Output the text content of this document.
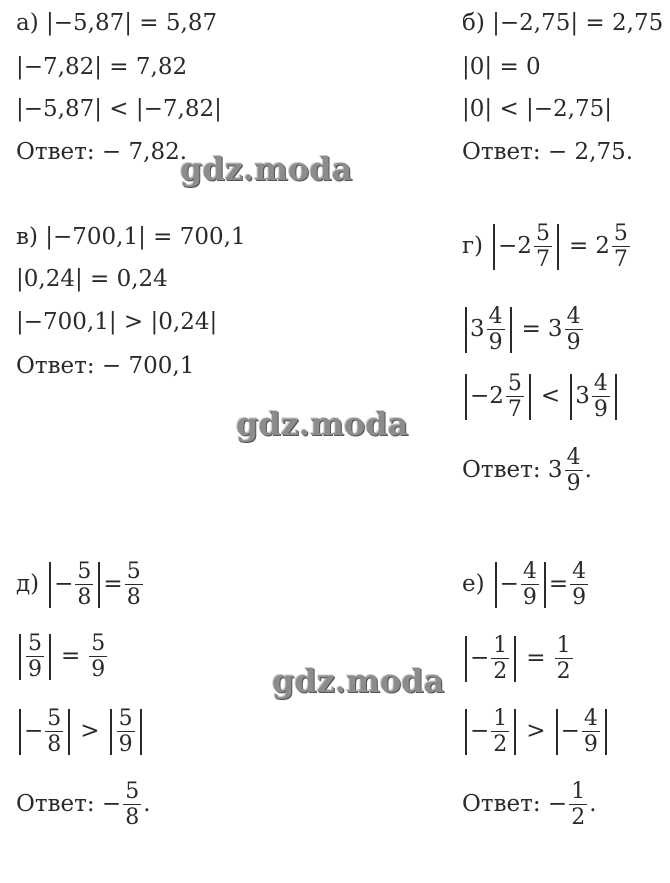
а) |−5,87| = 5,87
|−7,82| = 7,82
|−5,87| < |−7,82|
Ответ: − 7,82.
б) |−2,75| = 2,75
|0| = 0
|0| < |−2,75|
Ответ: − 2,75.
gdz.moda
в) |−700,1| = 700,1
|0,24| = 0,24
|−700,1| > |0,24|
Ответ: − 700,1
$г) -2 \frac{5}{7} = 2 \frac{5}{7}$
$3 \frac{4}{9} = 3 \frac{4}{9}$
$-2 \frac{5}{7} < 3 \frac{4}{9}$
Ответ: $3 \frac{4}{9}$ .
gdz.moda
$д) - \frac{5}{8} = \frac{5}{8}$
$\frac{5}{9} = \frac{5}{9}$
− $\frac{5}{8} > \frac{5}{9}$
Ответ: − $\frac{5}{8}$ .
gdz.moda
$е) - \frac{4}{9} = \frac{4}{9}$
− $\frac{1}{2} = \frac{1}{2}$
− $\frac{1}{2}$ > − $\frac{4}{9}$
Ответ: − $\frac{1}{2}$ .
